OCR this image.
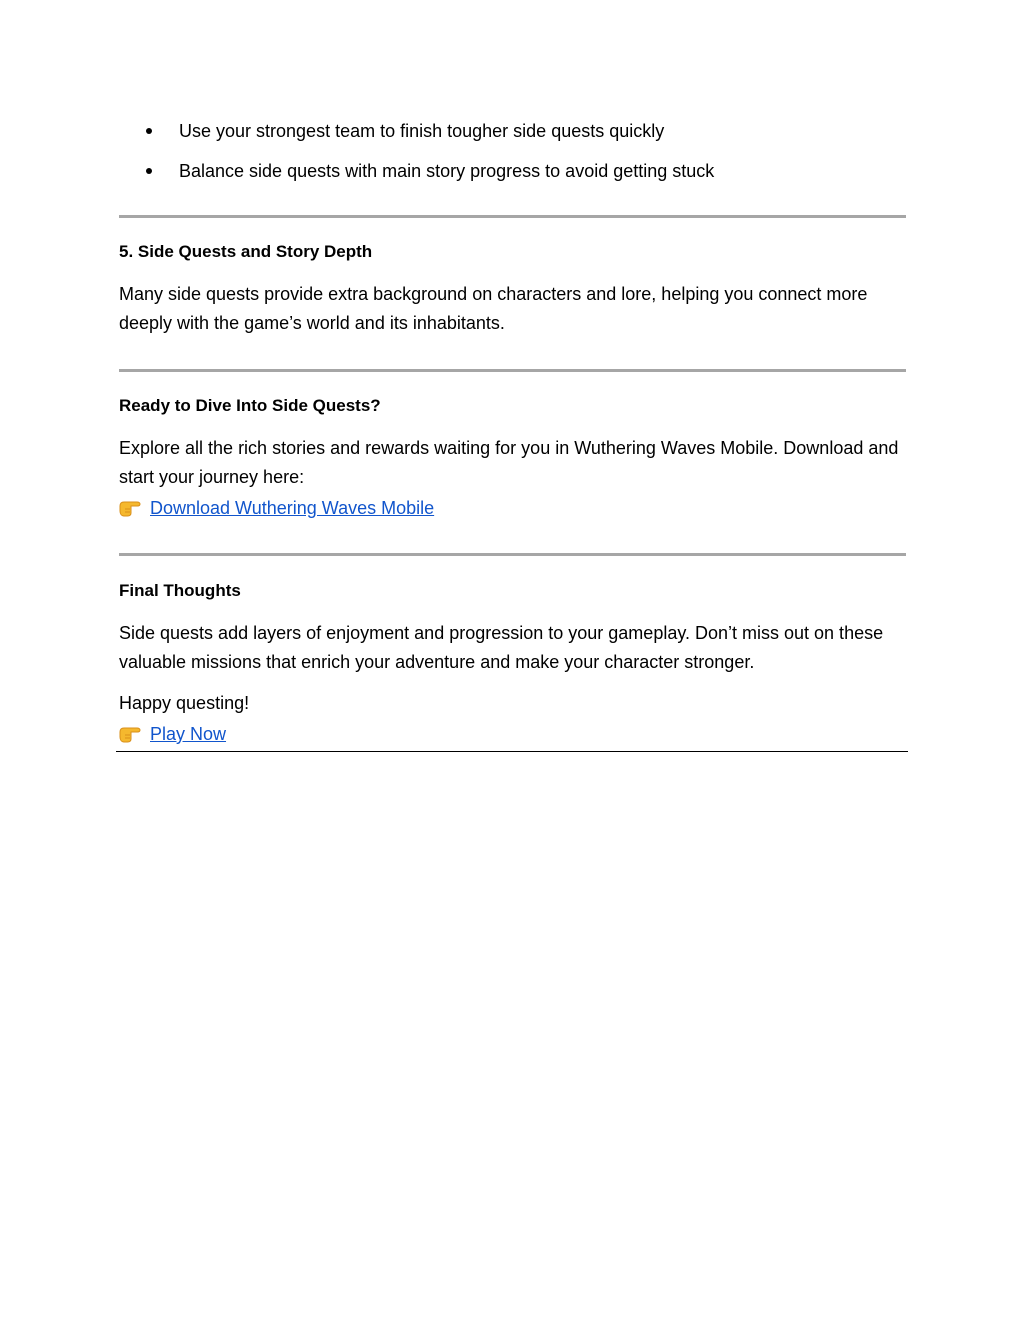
Use your strongest team to finish tougher side quests quickly
Balance side quests with main story progress to avoid getting stuck
5. Side Quests and Story Depth

Many side quests provide extra background on characters and lore, helping you connect more deeply with the game’s world and its inhabitants.

Ready to Dive Into Side Quests?

Explore all the rich stories and rewards waiting for you in Wuthering Waves Mobile. Download and start your journey here:

Download Wuthering Waves Mobile
Final Thoughts

Side quests add layers of enjoyment and progression to your gameplay. Don’t miss out on these valuable missions that enrich your adventure and make your character stronger.

Happy questing!

Play Now
